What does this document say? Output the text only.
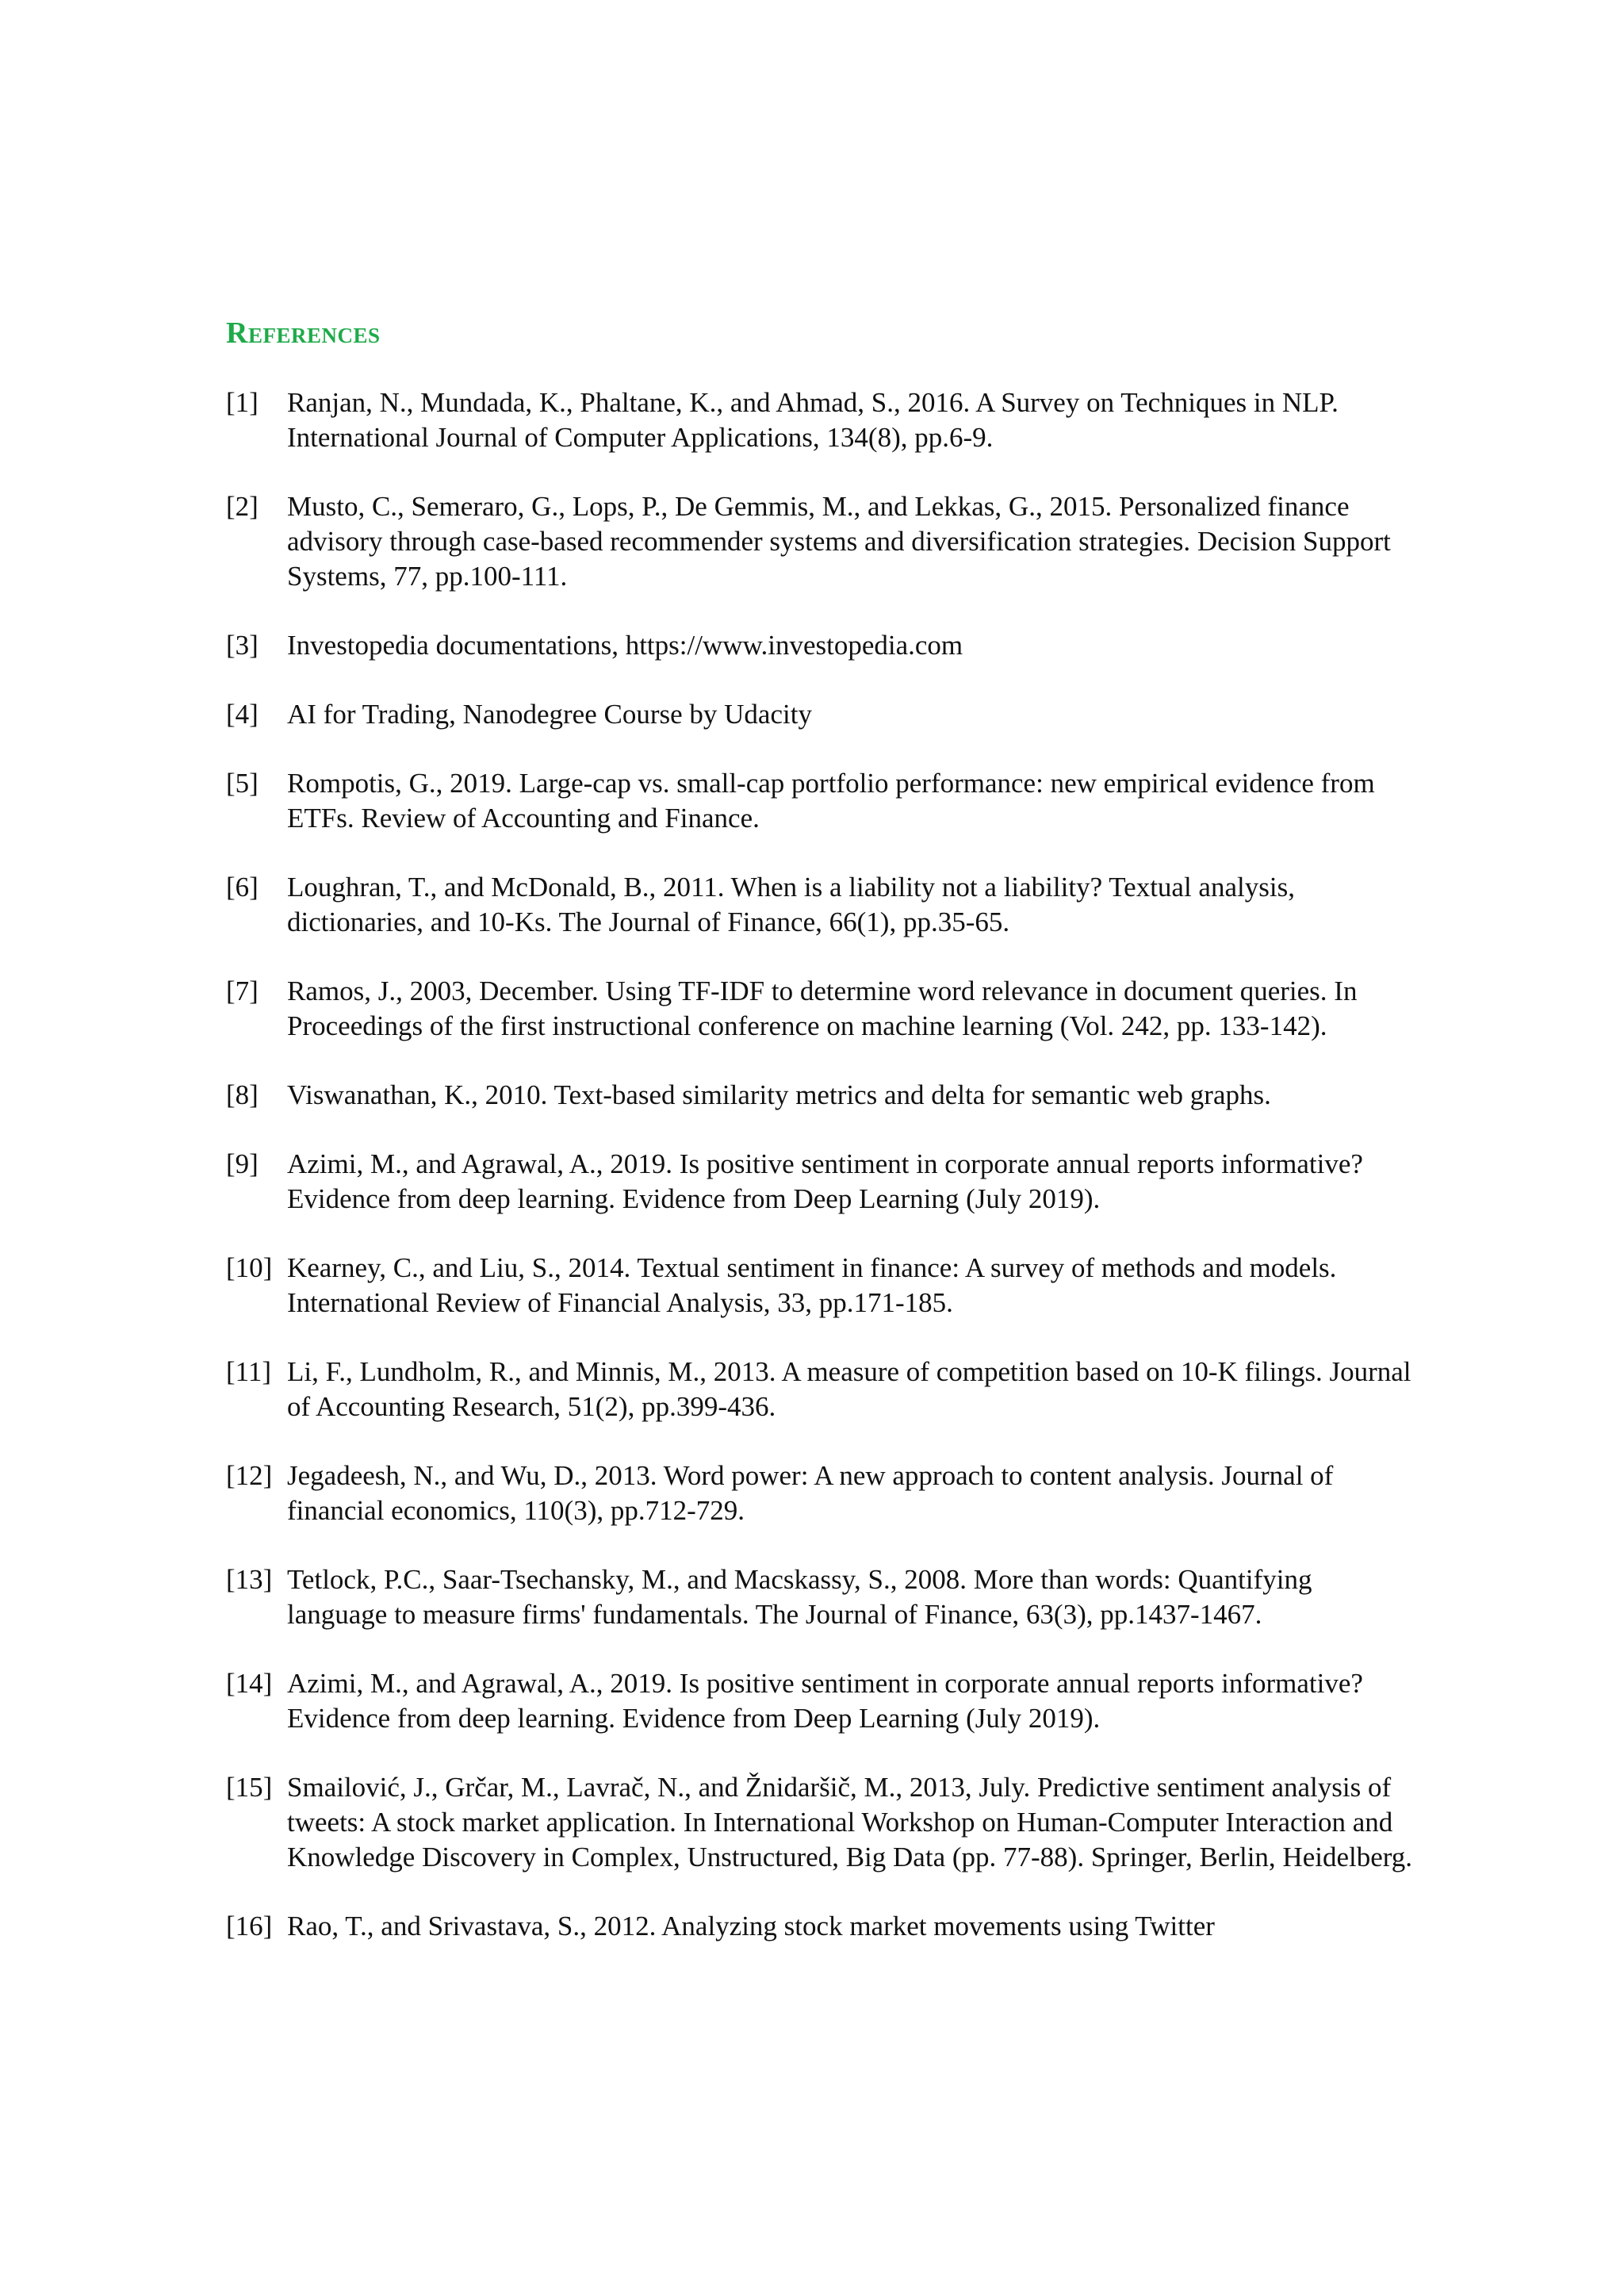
References
[1]	Ranjan, N., Mundada, K., Phaltane, K., and Ahmad, S., 2016. A Survey on Techniques in NLP. International Journal of Computer Applications, 134(8), pp.6-9.
[2]	Musto, C., Semeraro, G., Lops, P., De Gemmis, M., and Lekkas, G., 2015. Personalized finance advisory through case-based recommender systems and diversification strategies. Decision Support Systems, 77, pp.100-111.
[3]	Investopedia documentations, https://www.investopedia.com
[4]	AI for Trading, Nanodegree Course by Udacity
[5]	Rompotis, G., 2019. Large-cap vs. small-cap portfolio performance: new empirical evidence from ETFs. Review of Accounting and Finance.
[6]	Loughran, T., and McDonald, B., 2011. When is a liability not a liability? Textual analysis, dictionaries, and 10-Ks. The Journal of Finance, 66(1), pp.35-65.
[7]	Ramos, J., 2003, December. Using TF-IDF to determine word relevance in document queries. In Proceedings of the first instructional conference on machine learning (Vol. 242, pp. 133-142).
[8]	Viswanathan, K., 2010. Text-based similarity metrics and delta for semantic web graphs.
[9]	Azimi, M., and Agrawal, A., 2019. Is positive sentiment in corporate annual reports informative? Evidence from deep learning. Evidence from Deep Learning (July 2019).
[10] Kearney, C., and Liu, S., 2014. Textual sentiment in finance: A survey of methods and models. International Review of Financial Analysis, 33, pp.171-185.
[11] Li, F., Lundholm, R., and Minnis, M., 2013. A measure of competition based on 10-K filings. Journal of Accounting Research, 51(2), pp.399-436.
[12] Jegadeesh, N., and Wu, D., 2013. Word power: A new approach to content analysis. Journal of financial economics, 110(3), pp.712-729.
[13] Tetlock, P.C., Saar-Tsechansky, M., and Macskassy, S., 2008. More than words: Quantifying language to measure firms' fundamentals. The Journal of Finance, 63(3), pp.1437-1467.
[14] Azimi, M., and Agrawal, A., 2019. Is positive sentiment in corporate annual reports informative? Evidence from deep learning. Evidence from Deep Learning (July 2019).
[15] Smailović, J., Grčar, M., Lavrač, N., and Žnidaršič, M., 2013, July. Predictive sentiment analysis of tweets: A stock market application. In International Workshop on Human-Computer Interaction and Knowledge Discovery in Complex, Unstructured, Big Data (pp. 77-88). Springer, Berlin, Heidelberg.
[16] Rao, T., and Srivastava, S., 2012. Analyzing stock market movements using Twitter
